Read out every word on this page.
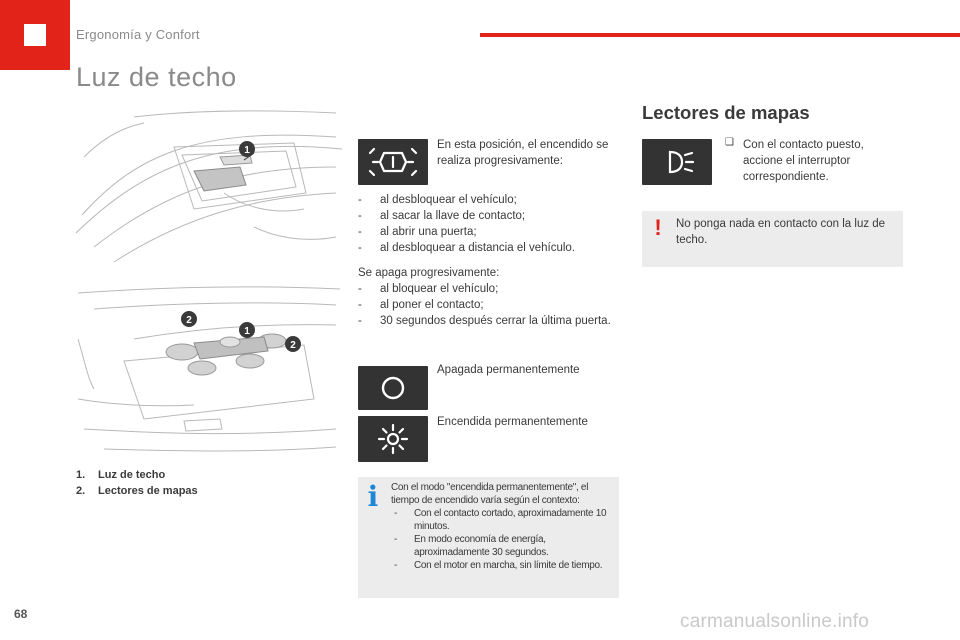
Ergonomía y Confort
Luz de techo
1
2
1
2
1. Luz de techo
2. Lectores de mapas
En esta posición, el encendido se realiza progresivamente:
- al desbloquear el vehículo;
- al sacar la llave de contacto;
- al abrir una puerta;
- al desbloquear a distancia el vehículo.
Se apaga progresivamente:
- al bloquear el vehículo;
- al poner el contacto;
- 30 segundos después cerrar la última puerta.
Apagada permanentemente
Encendida permanentemente
i Con el modo "encendida permanentemente", el tiempo de encendido varía según el contexto:
- Con el contacto cortado, aproximadamente 10 minutos.
- En modo economía de energía, aproximadamente 30 segundos.
- Con el motor en marcha, sin límite de tiempo.
Lectores de mapas
❑ Con el contacto puesto, accione el interruptor correspondiente.
! No ponga nada en contacto con la luz de techo.
68	carmanualsonline.info
